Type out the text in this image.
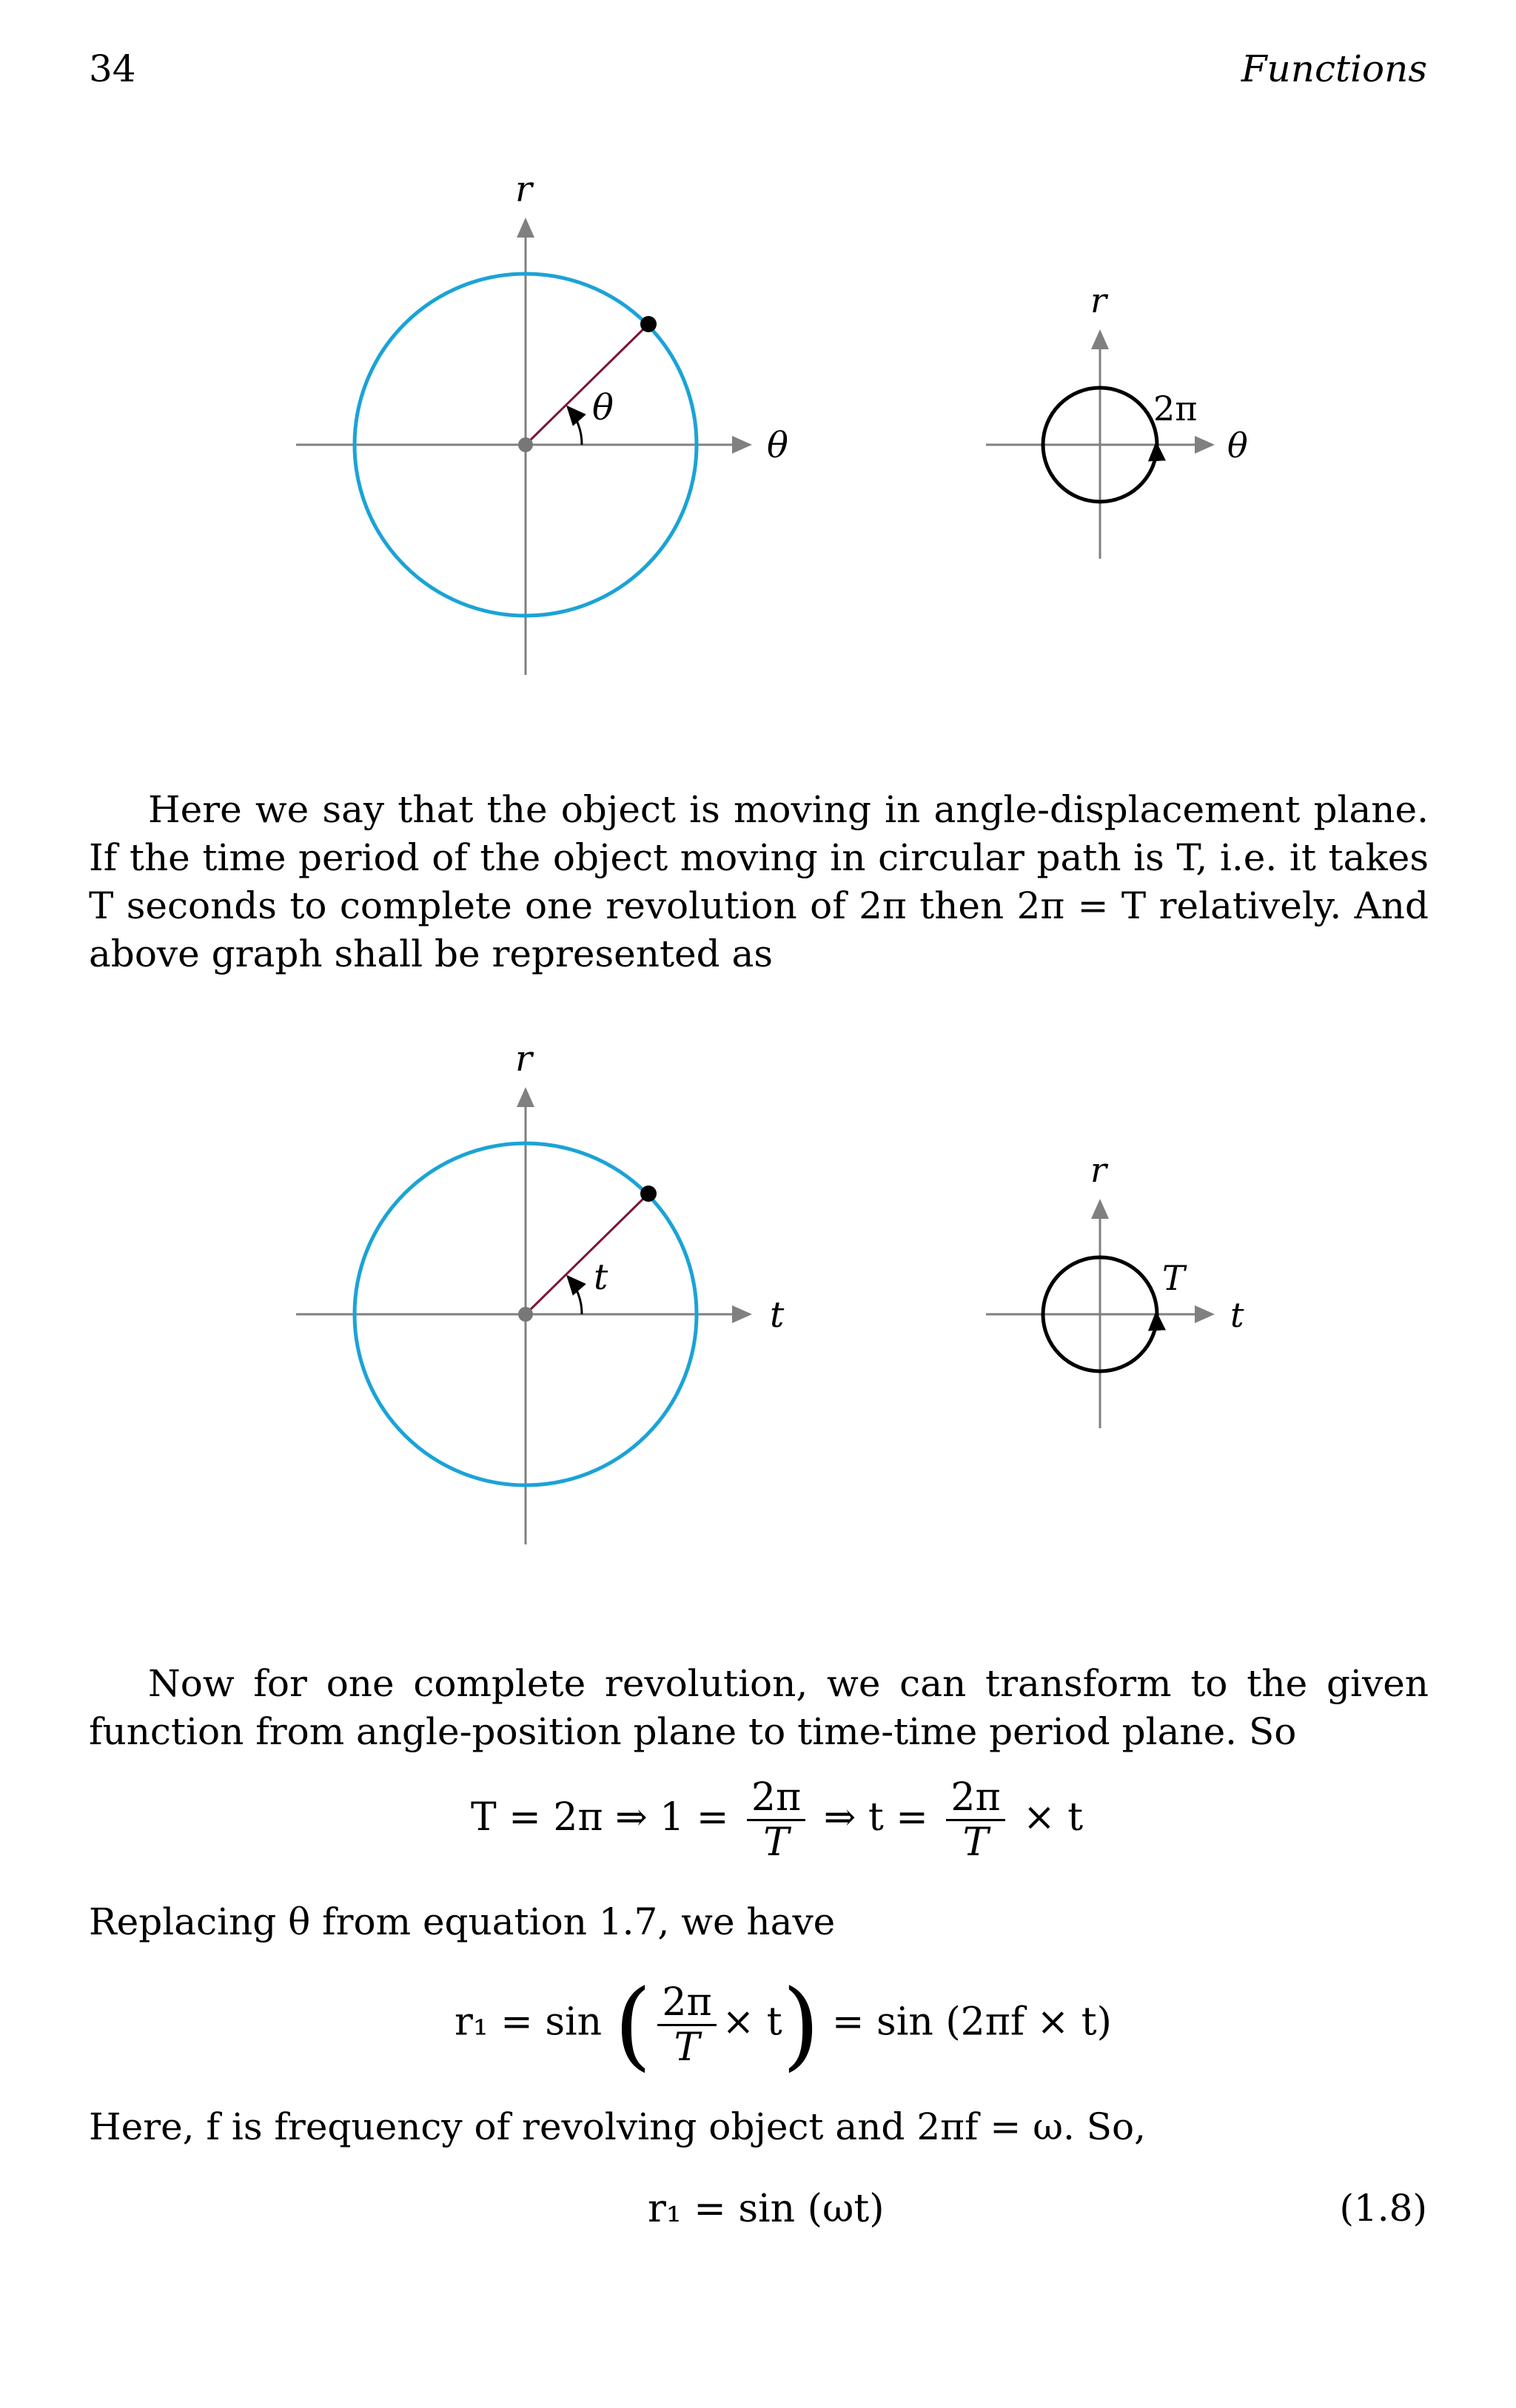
34	Functions
θ
r
θ
2π
r
θ
Here we say that the object is moving in angle-displacement plane. If the time period of the object moving in circular path is T, i.e. it takes T seconds to complete one revolution of 2π then 2π = T relatively. And above graph shall be represented as
t
r
t
T
r
t
Now for one complete revolution, we can transform to the given function from angle-position plane to time-time period plane. So
T = 2π ⇒ $1 = \frac{2\pi}{T}$ ⇒ $t = \frac{2\pi}{T} \times t$
Replacing θ from equation 1.7, we have
r₁ = sin ( $\frac{2\pi}{T} \times t) = \sin (2\pi f \times t)$
Here, f is frequency of revolving object and 2πf = ω. So,
r₁ = sin (ωt)	(1.8)
